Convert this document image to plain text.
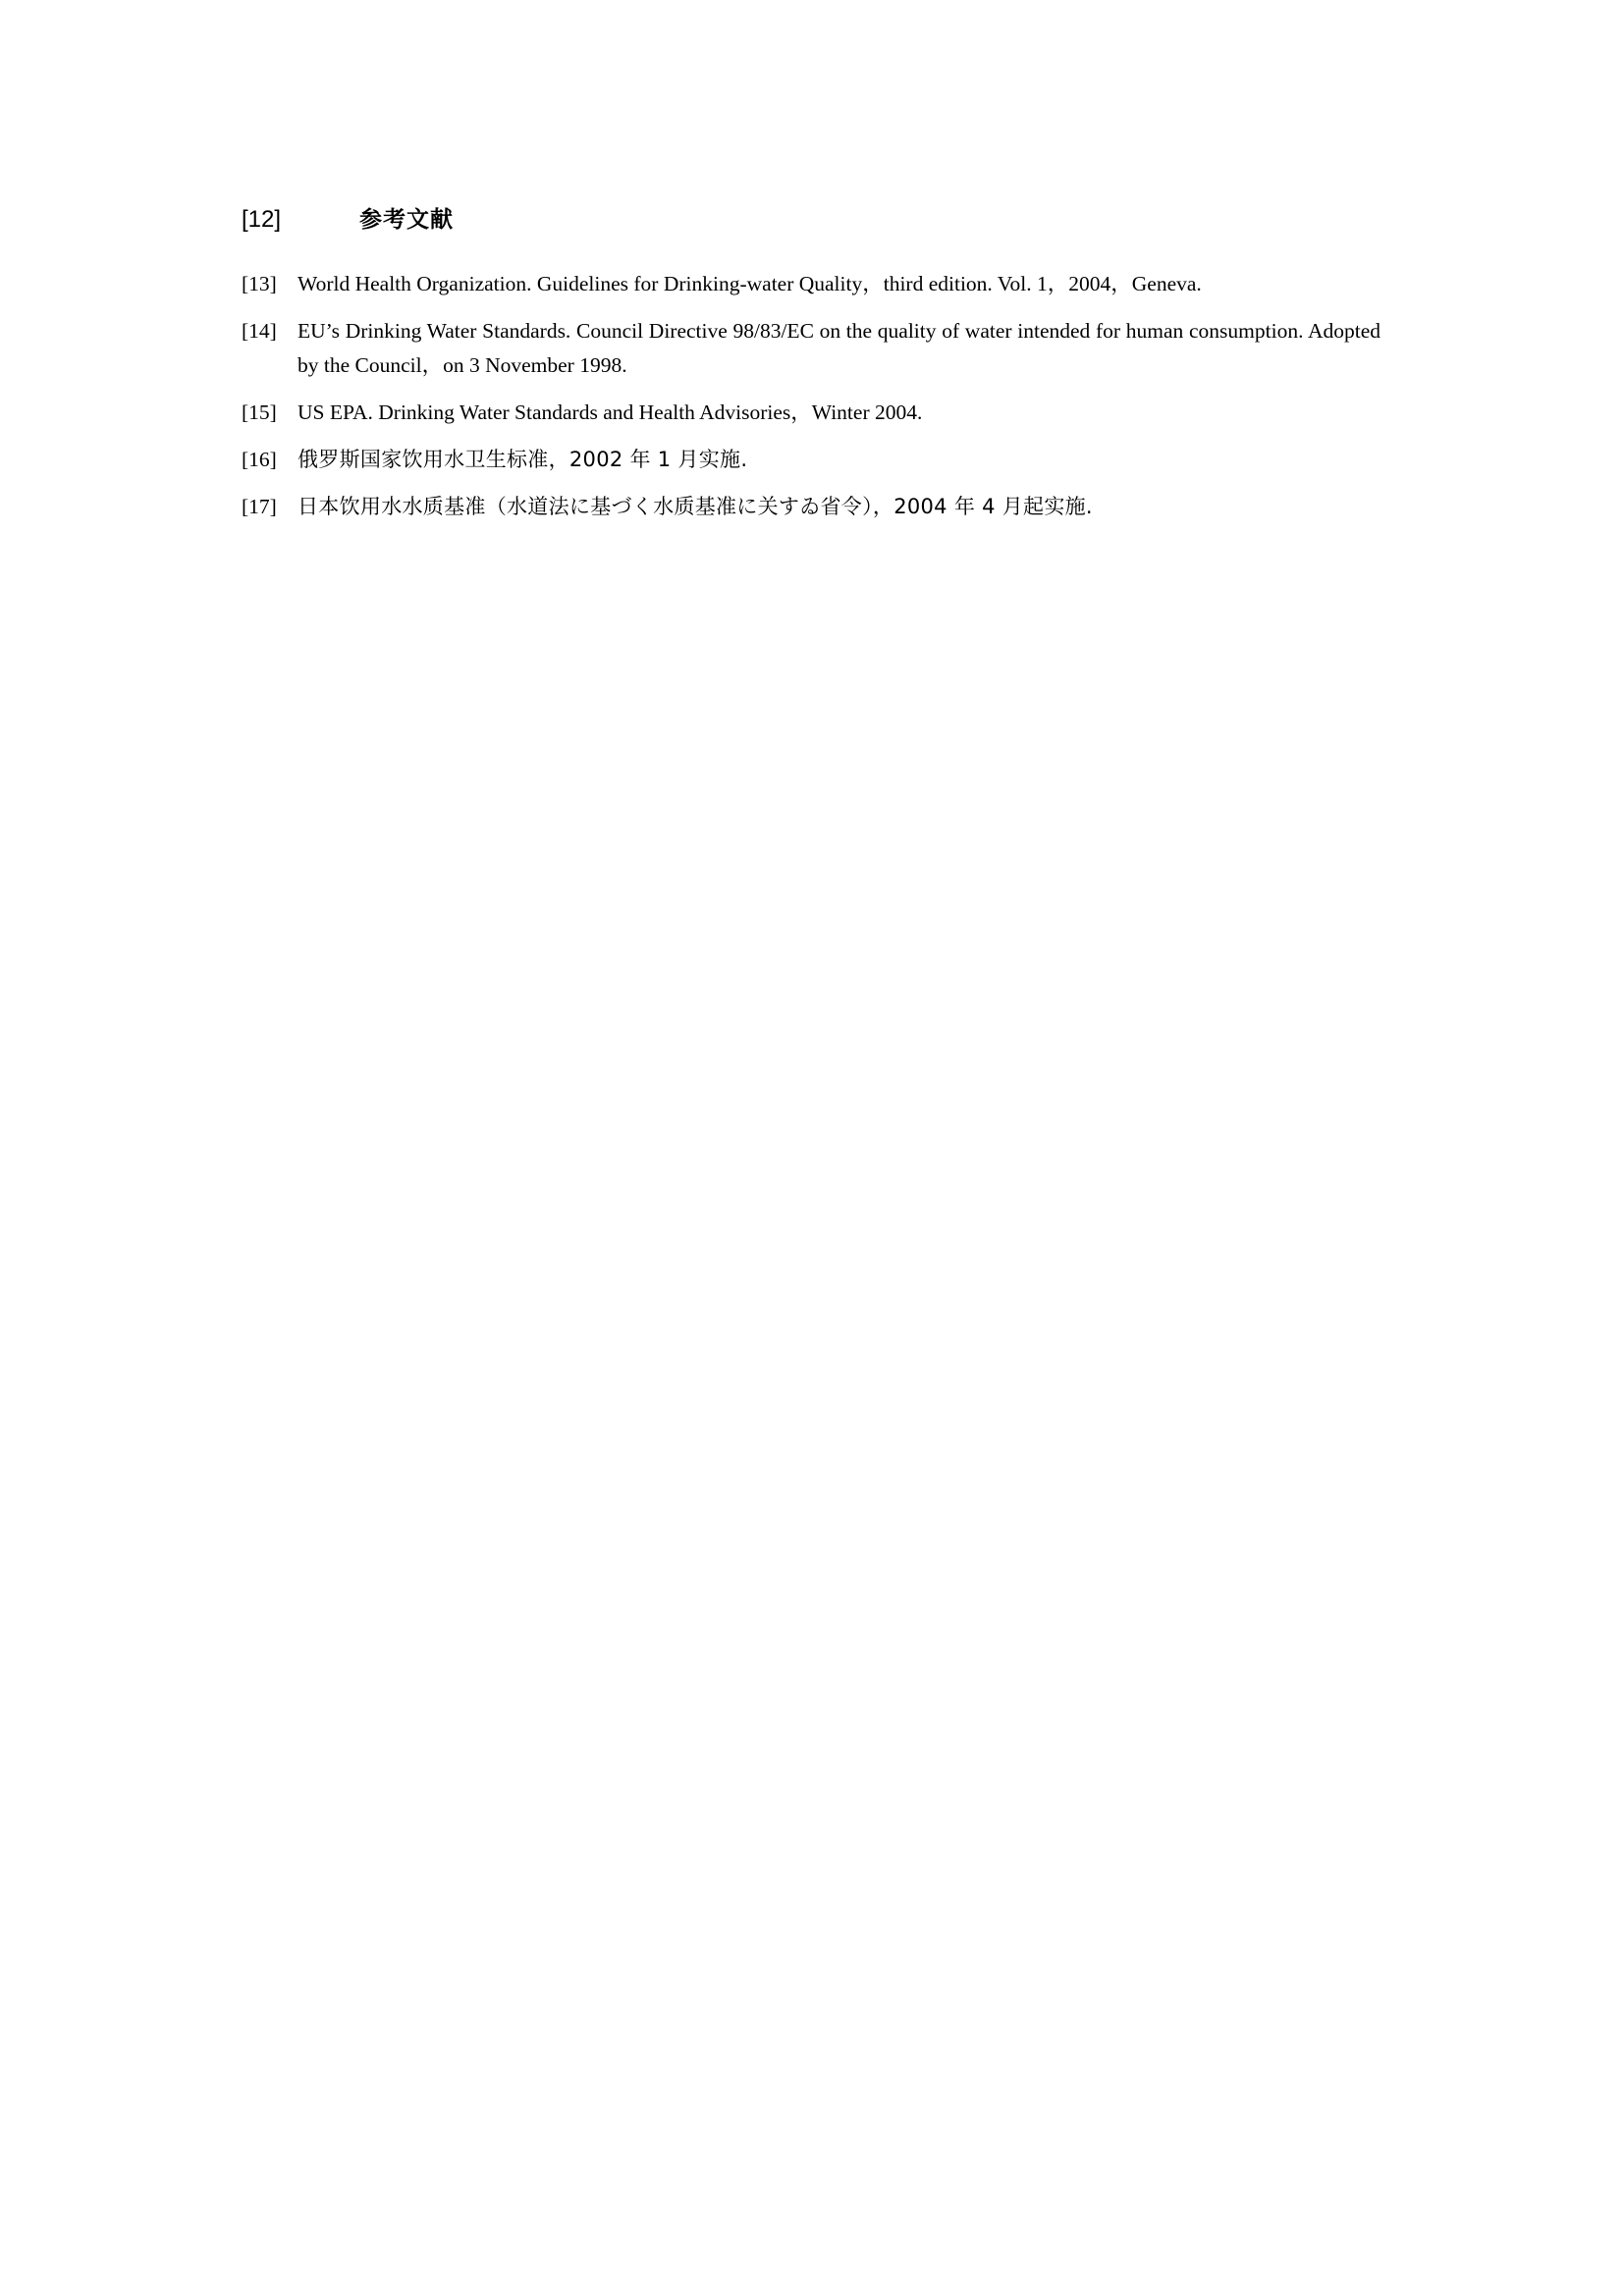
[12]	参考文献
[13] World Health Organization. Guidelines for Drinking-water Quality，third edition. Vol. 1，2004，Geneva.
[14] EU’s Drinking Water Standards. Council Directive 98/83/EC on the quality of water intended for human consumption. Adopted by the Council，on 3 November 1998.
[15] US EPA. Drinking Water Standards and Health Advisories，Winter 2004.
[16]	俄罗斯国家饮用水卫生标准，2002 年 1 月实施.
[17]	日本饮用水水质基准（水道法に基づく水质基准に关すゐ省令），2004 年 4 月起实施.
